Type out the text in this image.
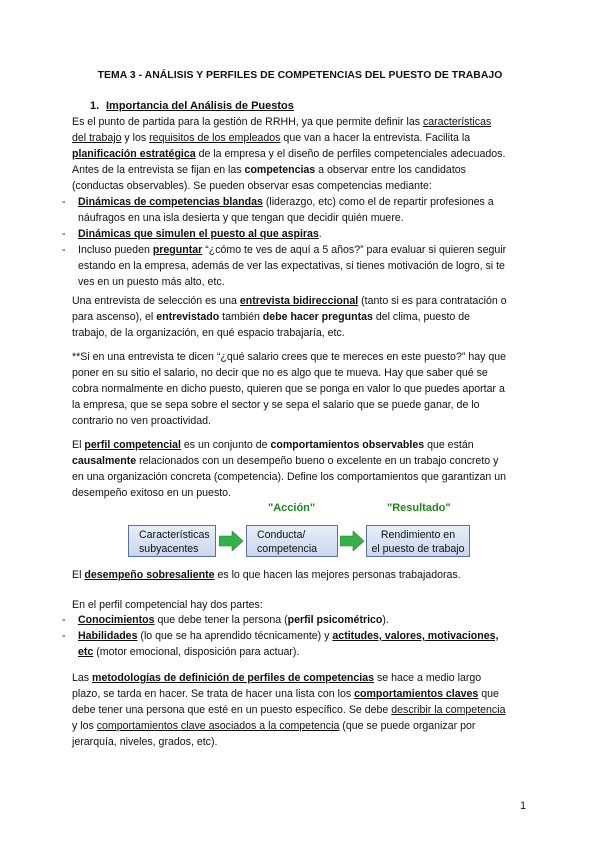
TEMA 3 - ANÁLISIS Y PERFILES DE COMPETENCIAS DEL PUESTO DE TRABAJO
1. Importancia del Análisis de Puestos
Es el punto de partida para la gestión de RRHH, ya que permite definir las características
del trabajo y los requisitos de los empleados que van a hacer la entrevista. Facilita la
planificación estratégica de la empresa y el diseño de perfiles competenciales adecuados.
Antes de la entrevista se fijan en las competencias a observar entre los candidatos
(conductas observables). Se pueden observar esas competencias mediante:
-	Dinámicas de competencias blandas (liderazgo, etc) como el de repartir profesiones a
náufragos en una isla desierta y que tengan que decidir quién muere.
-	Dinámicas que simulen el puesto al que aspiras.
-	Incluso pueden preguntar “¿cómo te ves de aquí a 5 años?” para evaluar si quieren seguir
estando en la empresa, además de ver las expectativas, si tienes motivación de logro, si te
ves en un puesto más alto, etc.
Una entrevista de selección es una entrevista bidireccional (tanto si es para contratación o
para ascenso), el entrevistado también debe hacer preguntas del clima, puesto de
trabajo, de la organización, en qué espacio trabajaría, etc.
**Si en una entrevista te dicen “¿qué salario crees que te mereces en este puesto?” hay que
poner en su sitio el salario, no decir que no es algo que te mueva. Hay que saber qué se
cobra normalmente en dicho puesto, quieren que se ponga en valor lo que puedes aportar a
la empresa, que se sepa sobre el sector y se sepa el salario que se puede ganar, de lo
contrario no ven proactividad.
El perfil competencial es un conjunto de comportamientos observables que están
causalmente relacionados con un desempeño bueno o excelente en un trabajo concreto y
en una organización concreta (competencia). Define los comportamientos que garantizan un
desempeño exitoso en un puesto.
"Acción"	"Resultado"
Características
subyacentes
Conducta/
competencia
Rendimiento en
el puesto de trabajo
El desempeño sobresaliente es lo que hacen las mejores personas trabajadoras.
En el perfil competencial hay dos partes:
-	Conocimientos que debe tener la persona (perfil psicométrico).
-	Habilidades (lo que se ha aprendido técnicamente) y actitudes, valores, motivaciones,
etc (motor emocional, disposición para actuar).
Las metodologías de definición de perfiles de competencias se hace a medio largo
plazo, se tarda en hacer. Se trata de hacer una lista con los comportamientos claves que
debe tener una persona que esté en un puesto específico. Se debe describir la competencia
y los comportamientos clave asociados a la competencia (que se puede organizar por
jerarquía, niveles, grados, etc).
1
